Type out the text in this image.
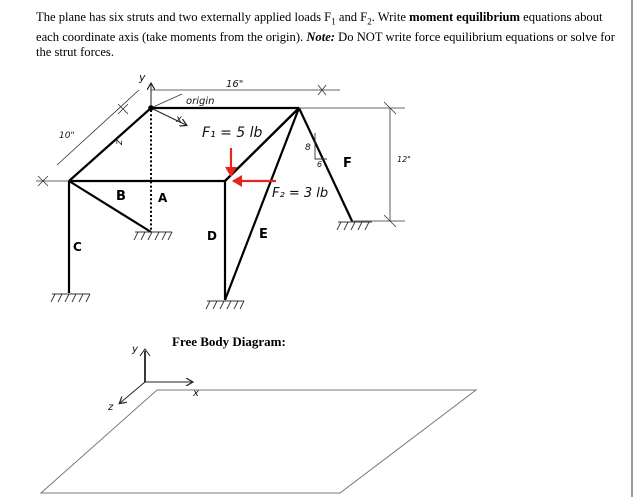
The plane has six struts and two externally applied loads $F_1$ and $F_2$. Write moment equilibrium equations about each coordinate axis (take moments from the origin). Note: Do NOT write force equilibrium equations or solve for the strut forces.
y
origin
x
z
16"
10"
12"
8
6
F₁ = 5 lb
F₂ = 3 lb
B	A
C
D	E
F
Free Body Diagram:
y
x
z
